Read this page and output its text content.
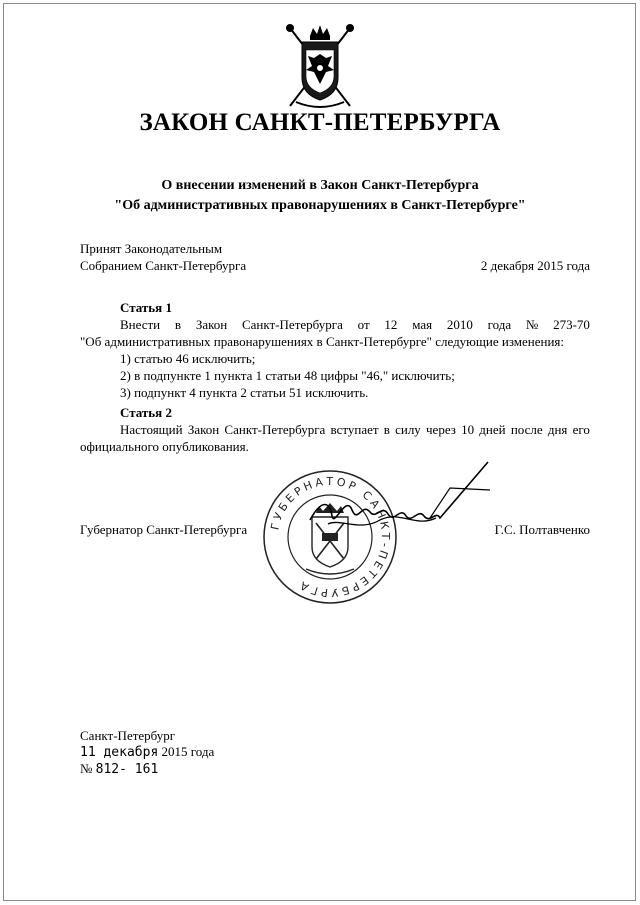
ЗАКОН САНКТ-ПЕТЕРБУРГА
О внесении изменений в Закон Санкт-Петербурга
"Об административных правонарушениях в Санкт-Петербурге"
Принят Законодательным
Собранием Санкт-Петербурга	2 декабря 2015 года
Статья 1
Внести в Закон Санкт-Петербурга от 12 мая 2010 года № 273-70
"Об административных правонарушениях в Санкт-Петербурге" следующие изменения:
1) статью 46 исключить;
2) в подпункте 1 пункта 1 статьи 48 цифры "46," исключить;
3) подпункт 4 пункта 2 статьи 51 исключить.
Статья 2
Настоящий Закон Санкт-Петербурга вступает в силу через 10 дней после дня его
официального опубликования.
Губернатор Санкт-Петербурга	Г.С. Полтавченко
ГУБЕРНАТОР САНКТ-ПЕТЕРБУРГА
Санкт-Петербург
11 декабря 2015 года
№ 812- 161
